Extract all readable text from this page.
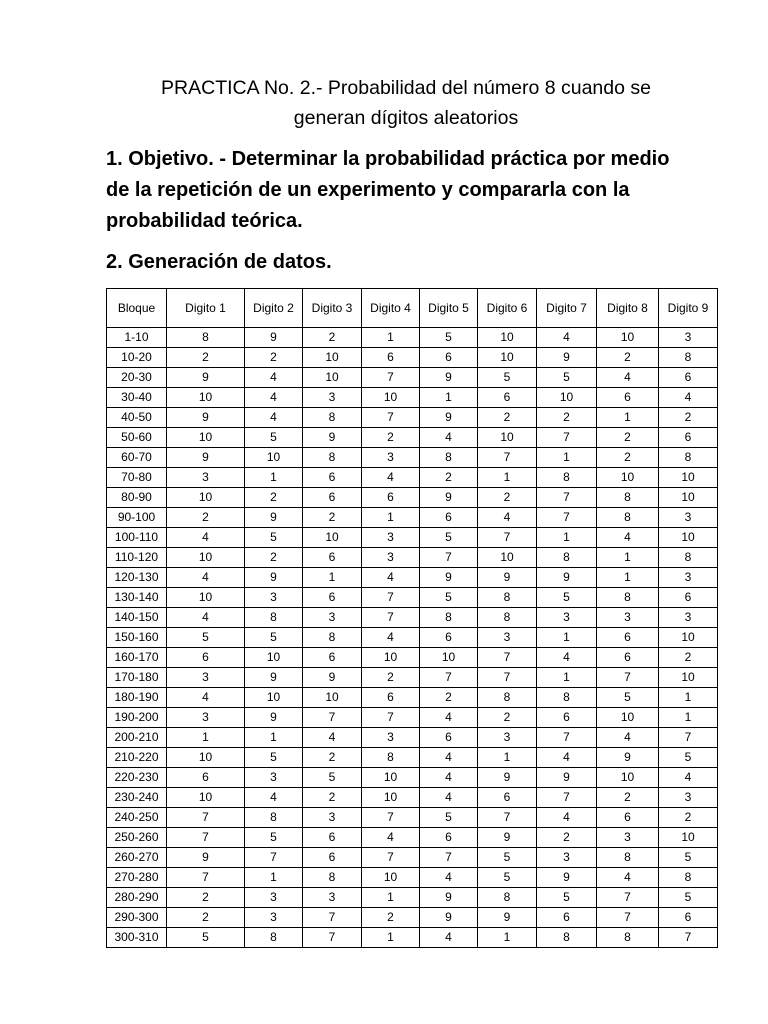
PRACTICA No. 2.- Probabilidad del número 8 cuando se
generan dígitos aleatorios

1. Objetivo. - Determinar la probabilidad práctica por medio
de la repetición de un experimento y compararla con la
probabilidad teórica.

2. Generación de datos.
Bloque	Digito 1	Digito 2	Digito 3	Digito 4	Digito 5	Digito 6	Digito 7	Digito 8	Digito 9
1-10	8	9	2	1	5	10	4	10	3
10-20	2	2	10	6	6	10	9	2	8
20-30	9	4	10	7	9	5	5	4	6
30-40	10	4	3	10	1	6	10	6	4
40-50	9	4	8	7	9	2	2	1	2
50-60	10	5	9	2	4	10	7	2	6
60-70	9	10	8	3	8	7	1	2	8
70-80	3	1	6	4	2	1	8	10	10
80-90	10	2	6	6	9	2	7	8	10
90-100	2	9	2	1	6	4	7	8	3
100-110	4	5	10	3	5	7	1	4	10
110-120	10	2	6	3	7	10	8	1	8
120-130	4	9	1	4	9	9	9	1	3
130-140	10	3	6	7	5	8	5	8	6
140-150	4	8	3	7	8	8	3	3	3
150-160	5	5	8	4	6	3	1	6	10
160-170	6	10	6	10	10	7	4	6	2
170-180	3	9	9	2	7	7	1	7	10
180-190	4	10	10	6	2	8	8	5	1
190-200	3	9	7	7	4	2	6	10	1
200-210	1	1	4	3	6	3	7	4	7
210-220	10	5	2	8	4	1	4	9	5
220-230	6	3	5	10	4	9	9	10	4
230-240	10	4	2	10	4	6	7	2	3
240-250	7	8	3	7	5	7	4	6	2
250-260	7	5	6	4	6	9	2	3	10
260-270	9	7	6	7	7	5	3	8	5
270-280	7	1	8	10	4	5	9	4	8
280-290	2	3	3	1	9	8	5	7	5
290-300	2	3	7	2	9	9	6	7	6
300-310	5	8	7	1	4	1	8	8	7
